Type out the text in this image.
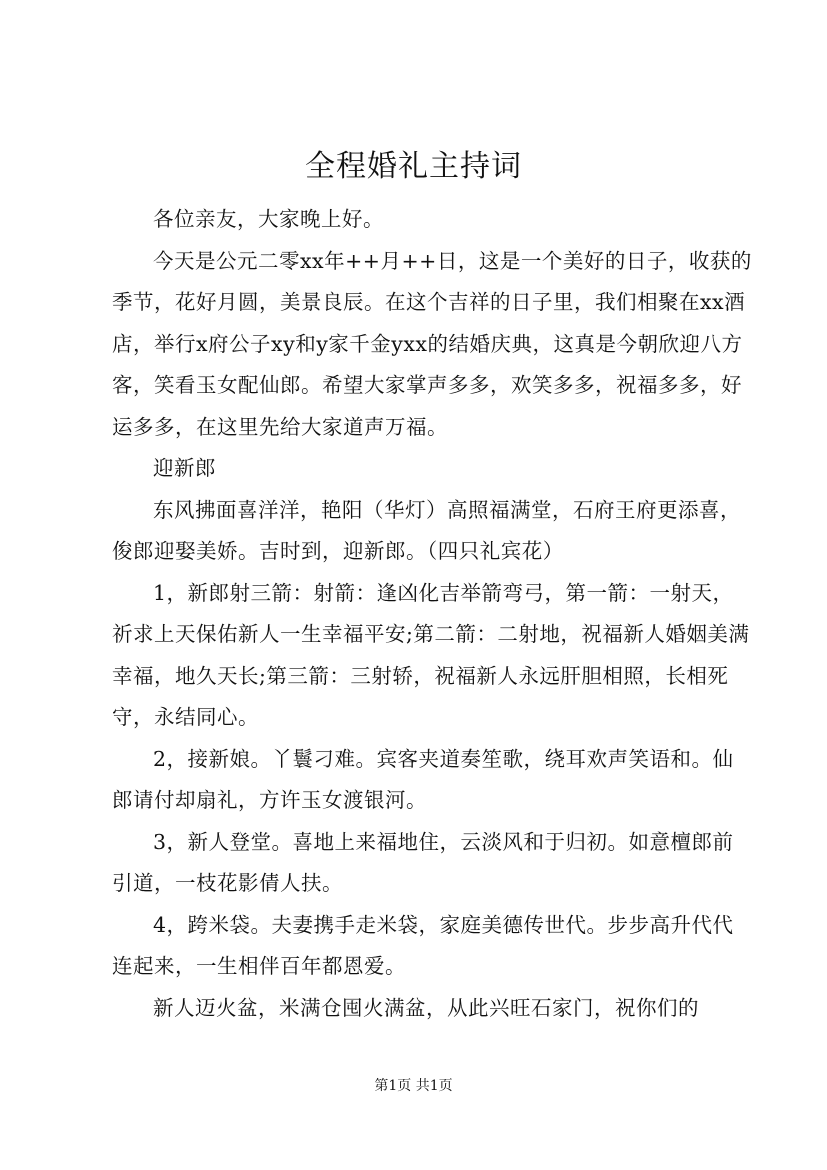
全程婚礼主持词

各位亲友，大家晚上好。

今天是公元二零xx年++月++日，这是一个美好的日子，收获的季节，花好月圆，美景良辰。在这个吉祥的日子里，我们相聚在xx酒店，举行x府公子xy和y家千金yxx的结婚庆典，这真是今朝欣迎八方客，笑看玉女配仙郎。希望大家掌声多多，欢笑多多，祝福多多，好运多多，在这里先给大家道声万福。

迎新郎

东风拂面喜洋洋，艳阳（华灯）高照福满堂，石府王府更添喜，俊郎迎娶美娇。吉时到，迎新郎。（四只礼宾花）

1，新郎射三箭：射箭：逢凶化吉举箭弯弓，第一箭：一射天，祈求上天保佑新人一生幸福平安;第二箭：二射地，祝福新人婚姻美满幸福，地久天长;第三箭：三射轿，祝福新人永远肝胆相照，长相死守，永结同心。

2，接新娘。丫鬟刁难。宾客夹道奏笙歌，绕耳欢声笑语和。仙郎请付却扇礼，方许玉女渡银河。

3，新人登堂。喜地上来福地住，云淡风和于归初。如意檀郎前引道，一枝花影倩人扶。

4，跨米袋。夫妻携手走米袋，家庭美德传世代。步步高升代代连起来，一生相伴百年都恩爱。

新人迈火盆，米满仓囤火满盆，从此兴旺石家门，祝你们的

第1页 共1页
